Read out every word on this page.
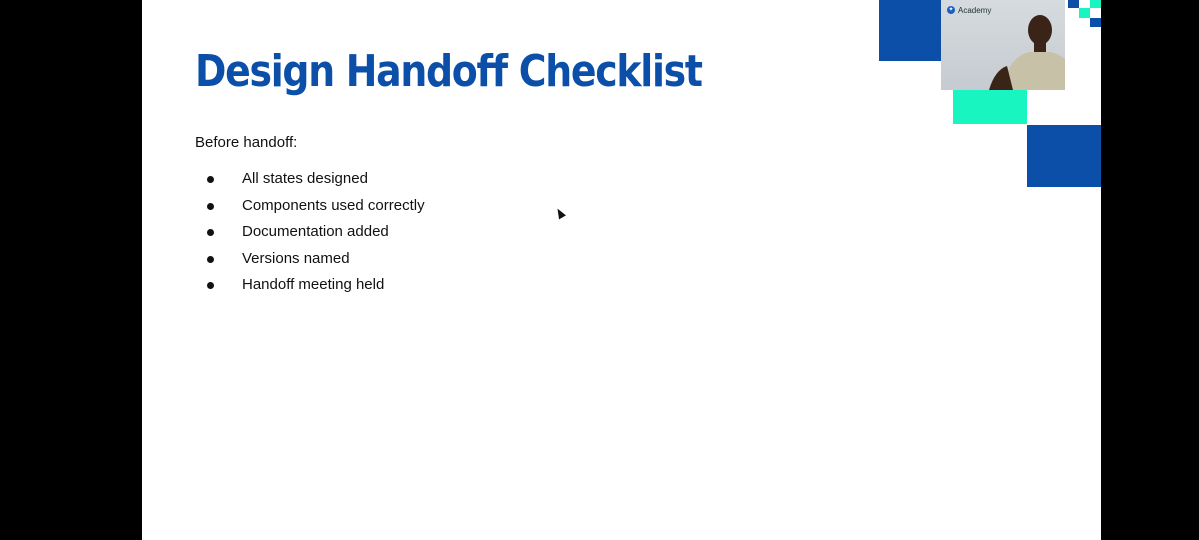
Design Handoff Checklist
Before handoff:
All states designed
Components used correctly
Documentation added
Versions named
Handoff meeting held
✦ Academy
